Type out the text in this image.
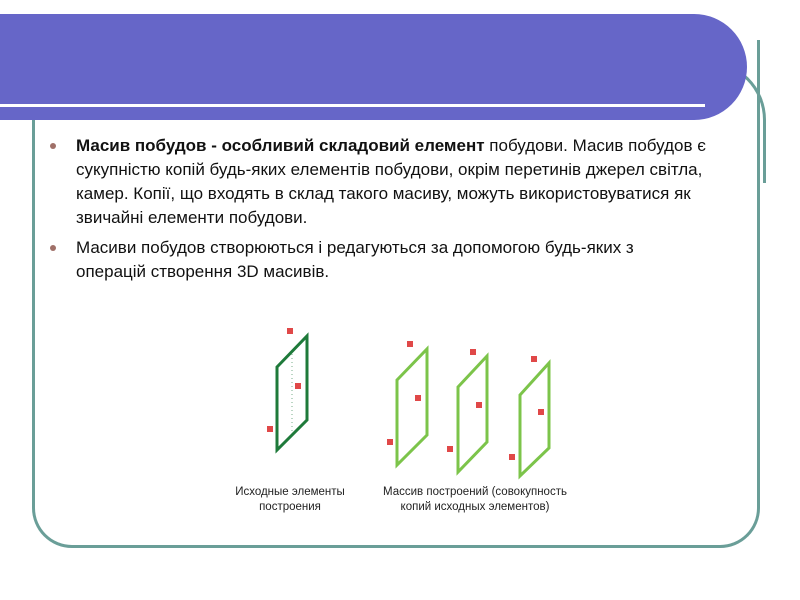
Масив побудов - особливий складовий елемент побудови. Масив побудов є сукупністю копій будь-яких елементів побудови, окрім перетинів джерел світла, камер. Копії, що входять в склад такого масиву, можуть використовуватися як звичайні елементи побудови.
Масиви побудов створюються і редагуються за допомогою будь-яких з операцій створення 3D масивів.
Исходные элементы
построения
Массив построений (совокупность
копий исходных элементов)
